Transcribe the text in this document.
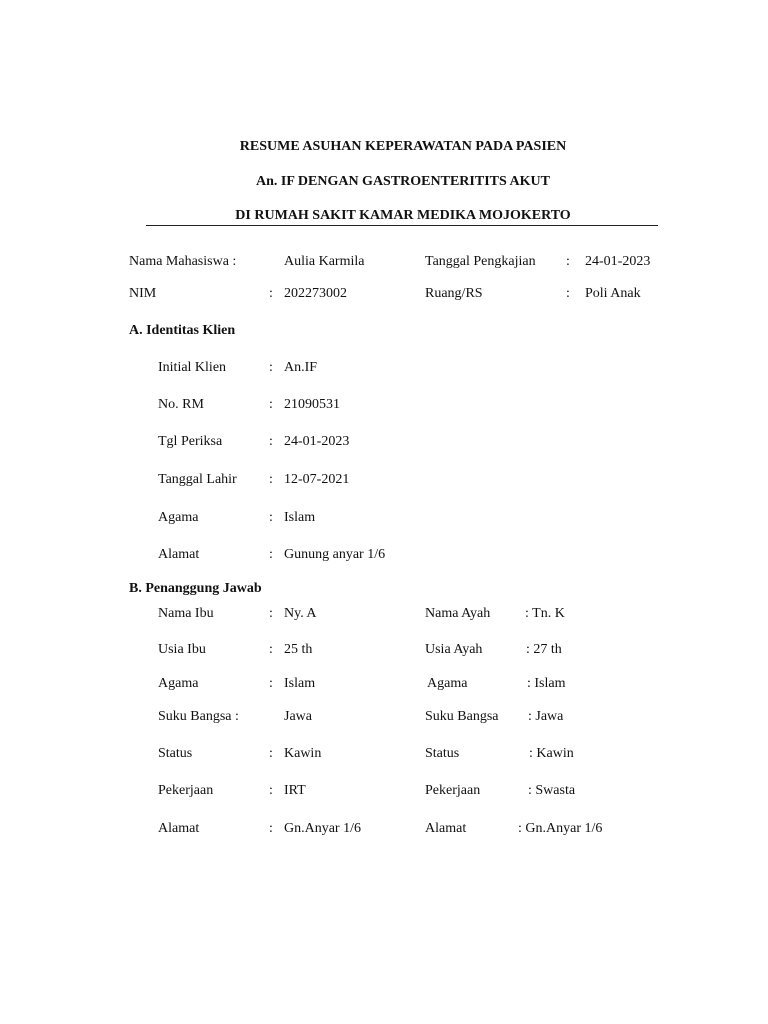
RESUME ASUHAN KEPERAWATAN PADA PASIEN
An. IF DENGAN GASTROENTERITITS AKUT
DI RUMAH SAKIT KAMAR MEDIKA MOJOKERTO
Nama Mahasiswa :	Aulia Karmila	Tanggal Pengkajian : 24-01-2023
NIM	: 202273002	Ruang/RS	: Poli Anak
A. Identitas Klien
Initial Klien	: An.IF
No. RM	: 21090531
Tgl Periksa	: 24-01-2023
Tanggal Lahir : 12-07-2021
Agama	: Islam
Alamat	: Gunung anyar 1/6
B. Penanggung Jawab
Nama Ibu	: Ny. A	Nama Ayah : Tn. K
Usia Ibu	: 25 th	Usia Ayah	: 27 th
Agama	: Islam	Agama	: Islam
Suku Bangsa :	Jawa	Suku Bangsa : Jawa
Status	: Kawin	Status	: Kawin
Pekerjaan	: IRT	Pekerjaan	: Swasta
Alamat	: Gn.Anyar 1/6	Alamat	: Gn.Anyar 1/6
